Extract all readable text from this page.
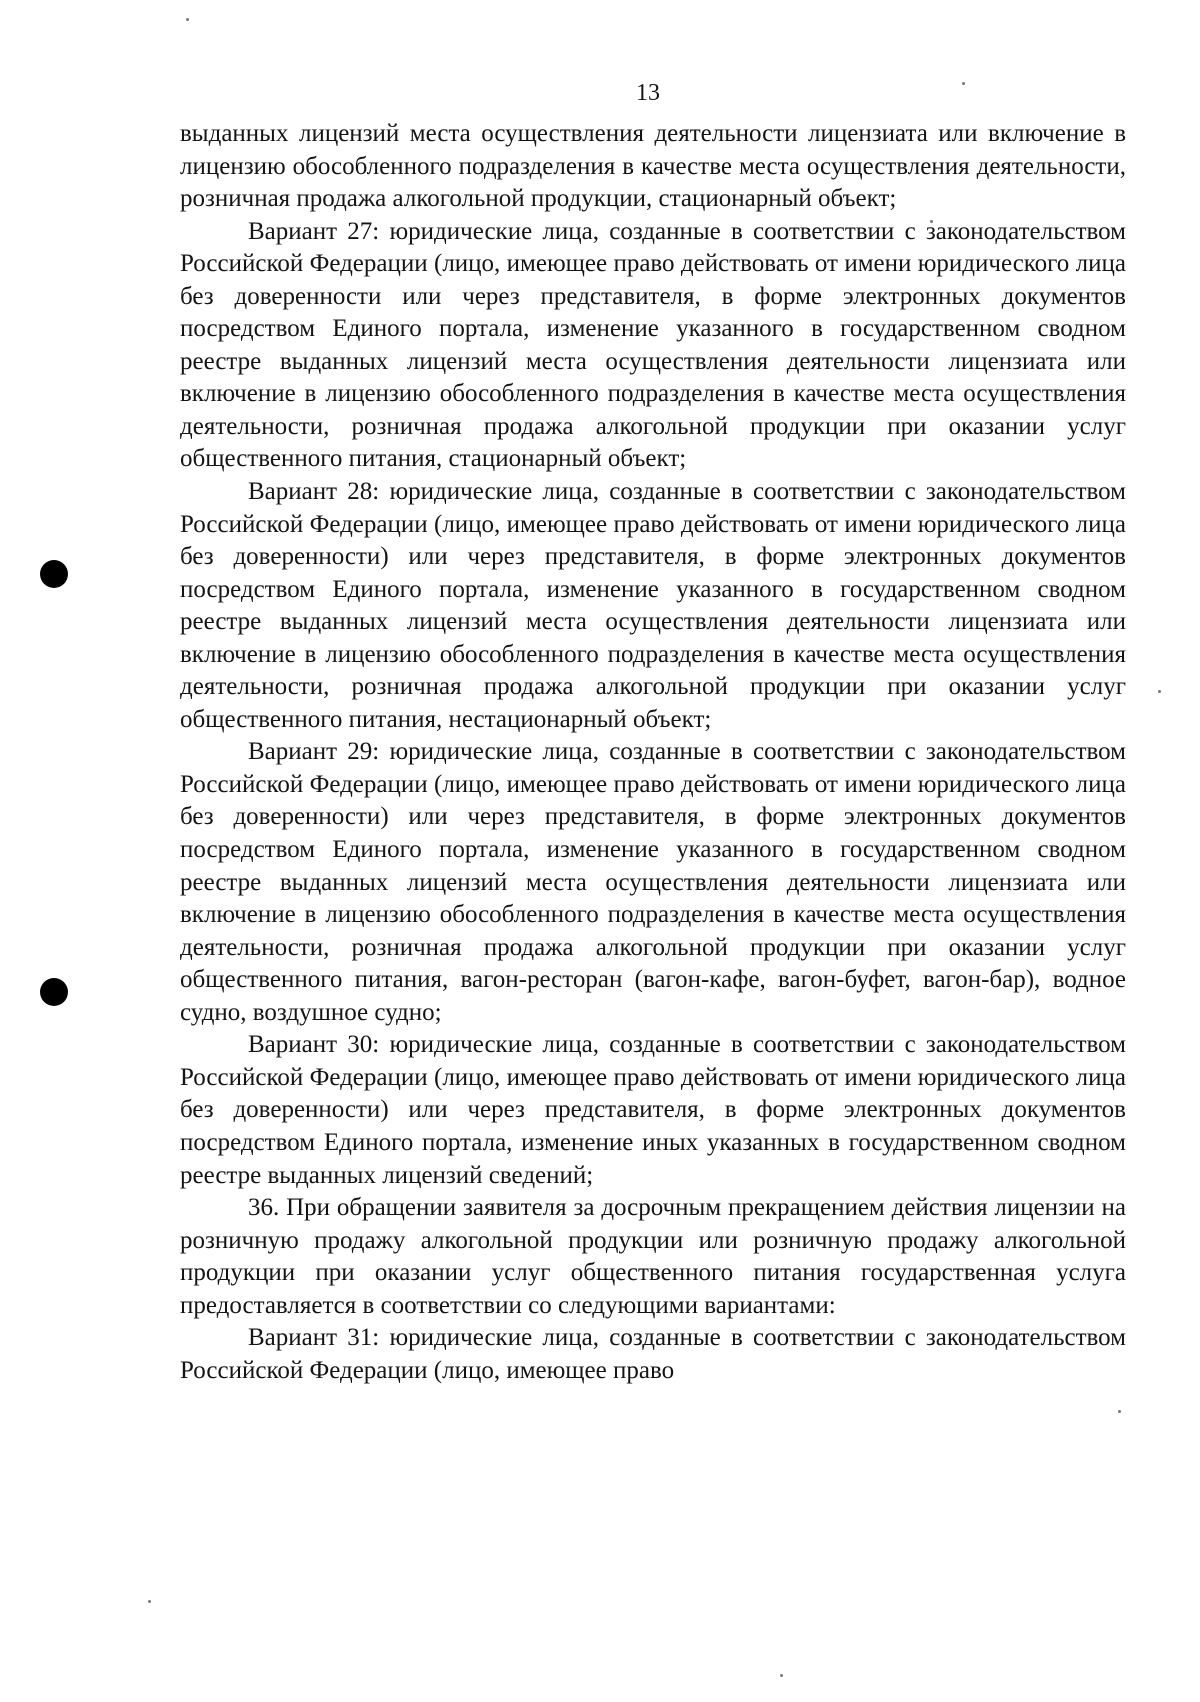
13

выданных лицензий места осуществления деятельности лицензиата или включение в лицензию обособленного подразделения в качестве места осуществления деятельности, розничная продажа алкогольной продукции, стационарный объект;

Вариант 27: юридические лица, созданные в соответствии с законодательством Российской Федерации (лицо, имеющее право действовать от имени юридического лица без доверенности или через представителя, в форме электронных документов посредством Единого портала, изменение указанного в государственном сводном реестре выданных лицензий места осуществления деятельности лицензиата или включение в лицензию обособленного подразделения в качестве места осуществления деятельности, розничная продажа алкогольной продукции при оказании услуг общественного питания, стационарный объект;

Вариант 28: юридические лица, созданные в соответствии с законодательством Российской Федерации (лицо, имеющее право действовать от имени юридического лица без доверенности) или через представителя, в форме электронных документов посредством Единого портала, изменение указанного в государственном сводном реестре выданных лицензий места осуществления деятельности лицензиата или включение в лицензию обособленного подразделения в качестве места осуществления деятельности, розничная продажа алкогольной продукции при оказании услуг общественного питания, нестационарный объект;

Вариант 29: юридические лица, созданные в соответствии с законодательством Российской Федерации (лицо, имеющее право действовать от имени юридического лица без доверенности) или через представителя, в форме электронных документов посредством Единого портала, изменение указанного в государственном сводном реестре выданных лицензий места осуществления деятельности лицензиата или включение в лицензию обособленного подразделения в качестве места осуществления деятельности, розничная продажа алкогольной продукции при оказании услуг общественного питания, вагон-ресторан (вагон-кафе, вагон-буфет, вагон-бар), водное судно, воздушное судно;

Вариант 30: юридические лица, созданные в соответствии с законодательством Российской Федерации (лицо, имеющее право действовать от имени юридического лица без доверенности) или через представителя, в форме электронных документов посредством Единого портала, изменение иных указанных в государственном сводном реестре выданных лицензий сведений;

36. При обращении заявителя за досрочным прекращением действия лицензии на розничную продажу алкогольной продукции или розничную продажу алкогольной продукции при оказании услуг общественного питания государственная услуга предоставляется в соответствии со следующими вариантами:

Вариант 31: юридические лица, созданные в соответствии с законодательством Российской Федерации (лицо, имеющее право
